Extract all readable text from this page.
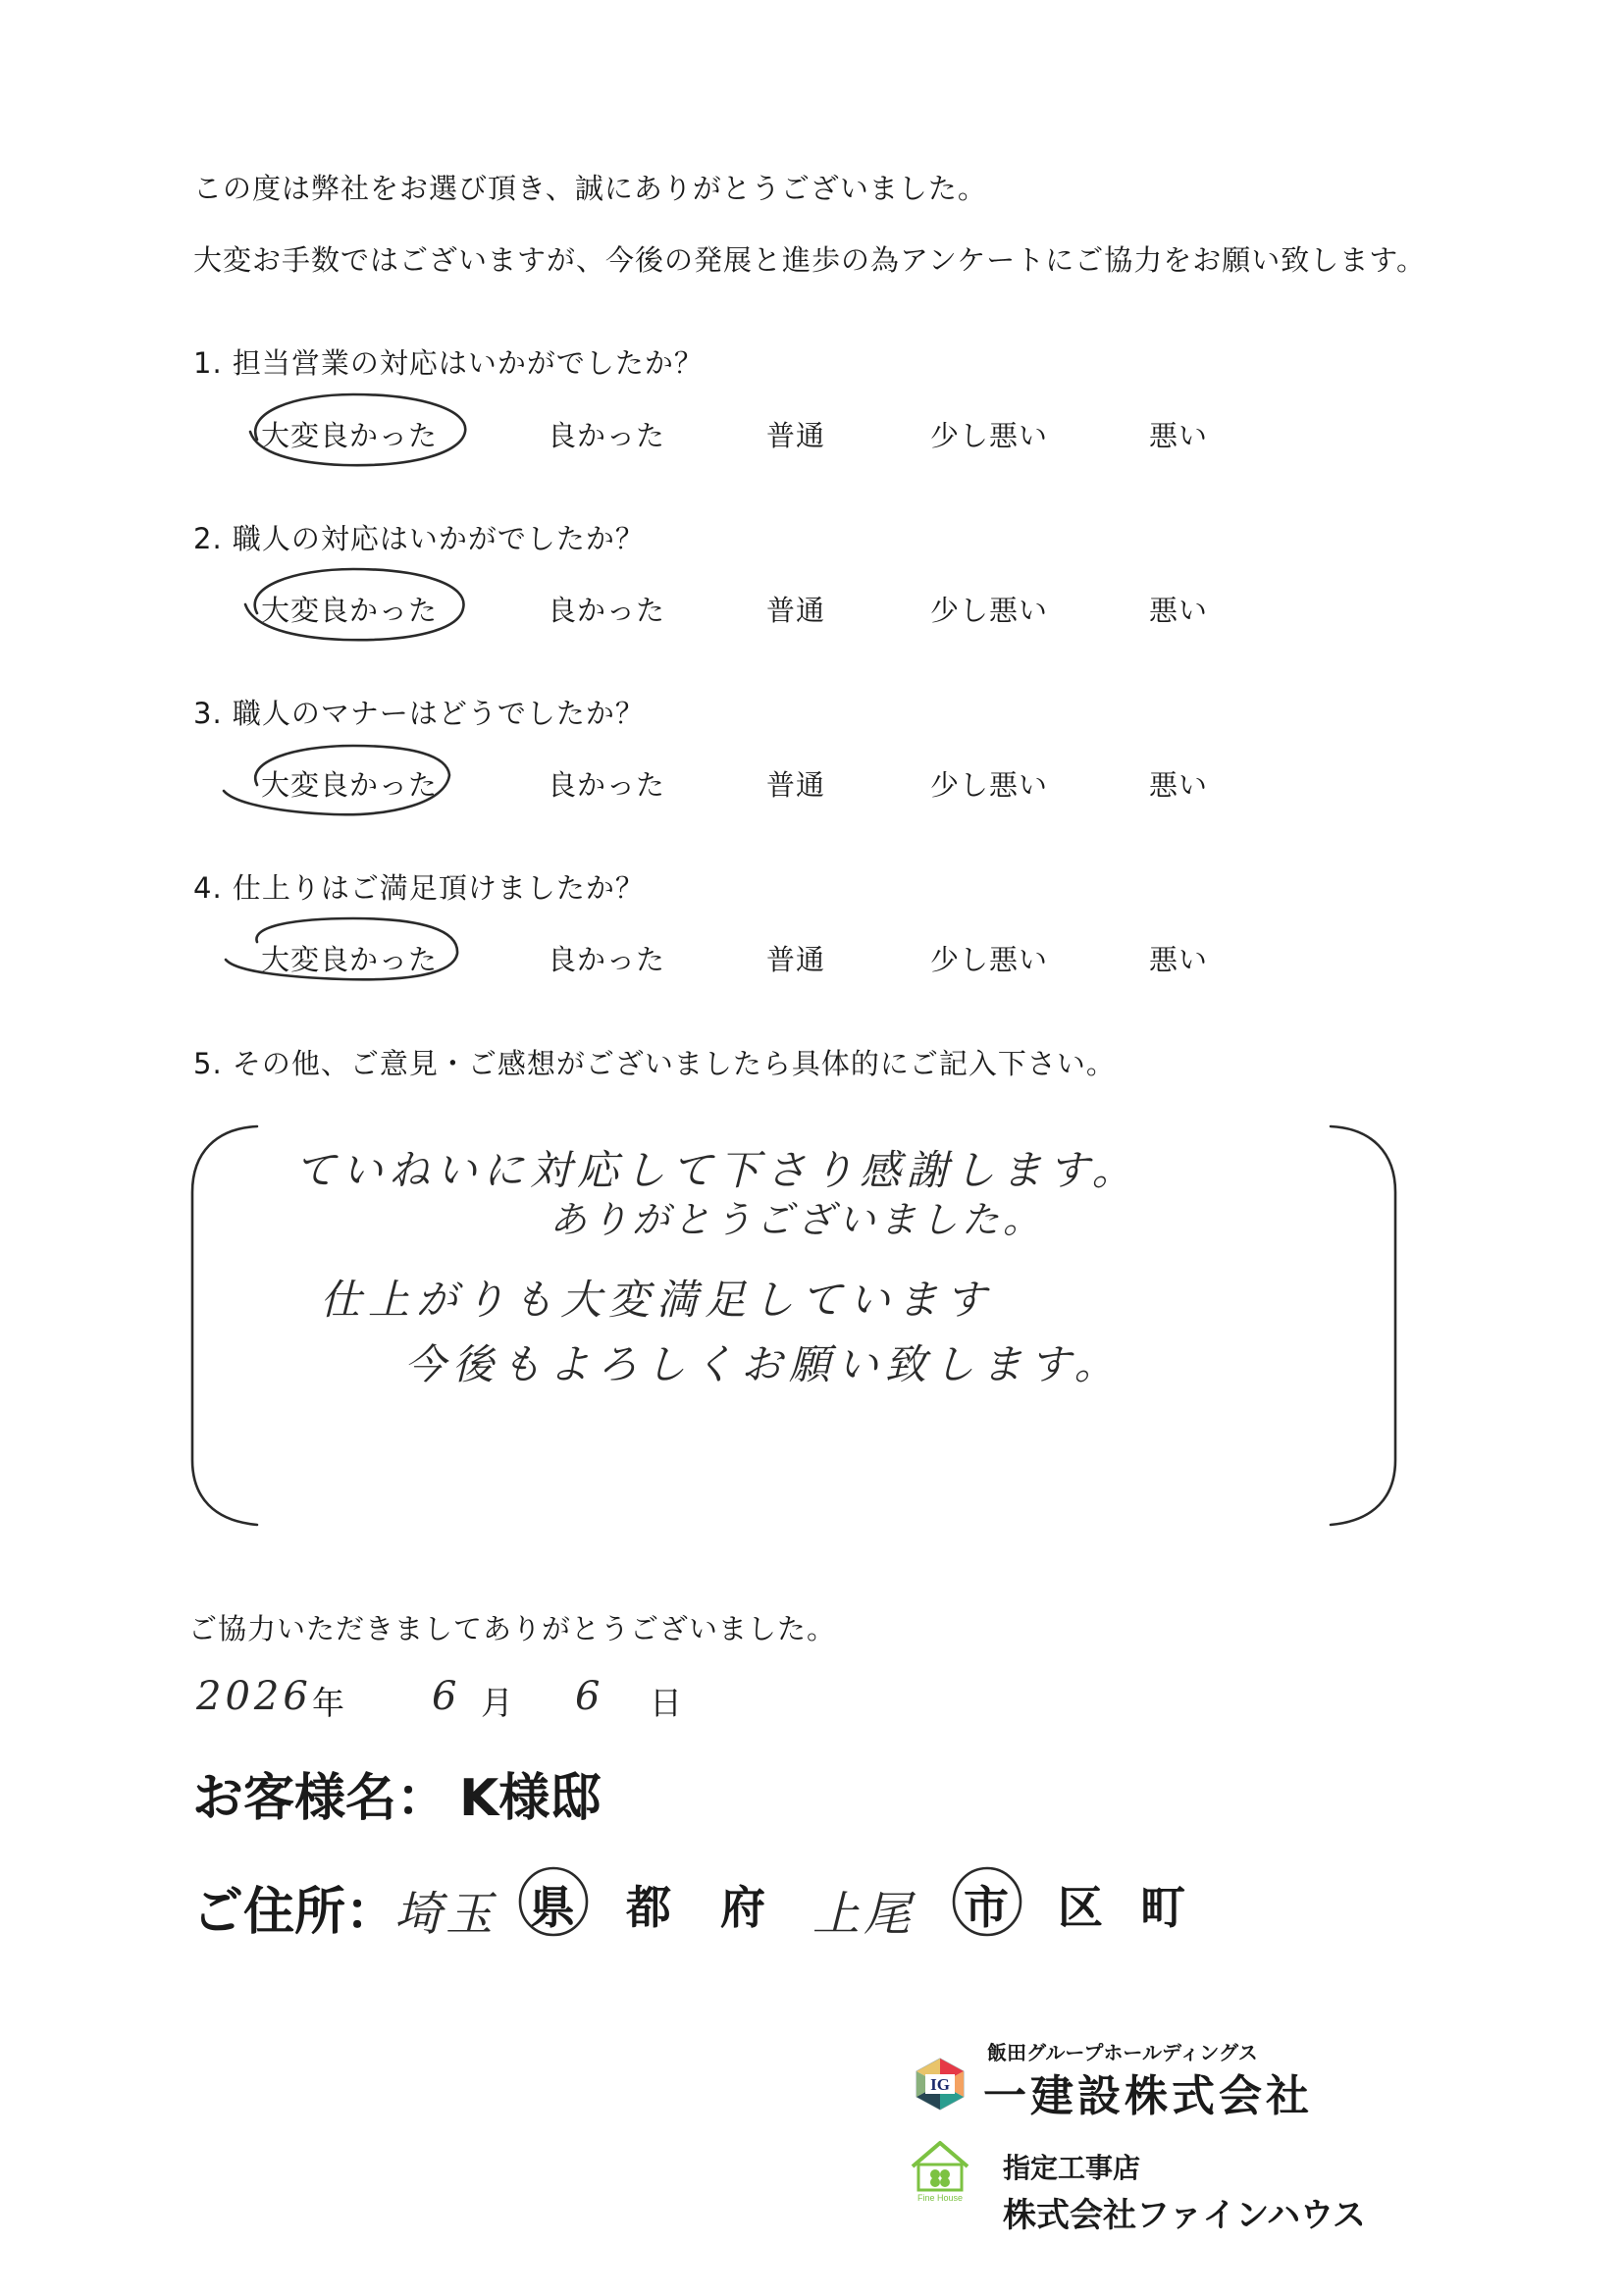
この度は弊社をお選び頂き、誠にありがとうございました。
大変お手数ではございますが、今後の発展と進歩の為アンケートにご協力をお願い致します。
1. 担当営業の対応はいかがでしたか？
大変良かった	良かった	普通	少し悪い	悪い
2. 職人の対応はいかがでしたか？
大変良かった	良かった	普通	少し悪い	悪い
3. 職人のマナーはどうでしたか？
大変良かった	良かった	普通	少し悪い	悪い
4. 仕上りはご満足頂けましたか？
大変良かった	良かった	普通	少し悪い	悪い
5. その他、ご意見・ご感想がございましたら具体的にご記入下さい。
ていねいに対応して下さり感謝します。
ありがとうございました。
仕上がりも大変満足しています
今後もよろしくお願い致します。
ご協力いただきましてありがとうございました。
2026 年 6 月 6 日
お客様名： K様邸
ご住所：
埼玉 県 都 府 上尾 市 区 町
IG
飯田グループホールディングス
一建設株式会社
Fine House
指定工事店
株式会社ファインハウス
